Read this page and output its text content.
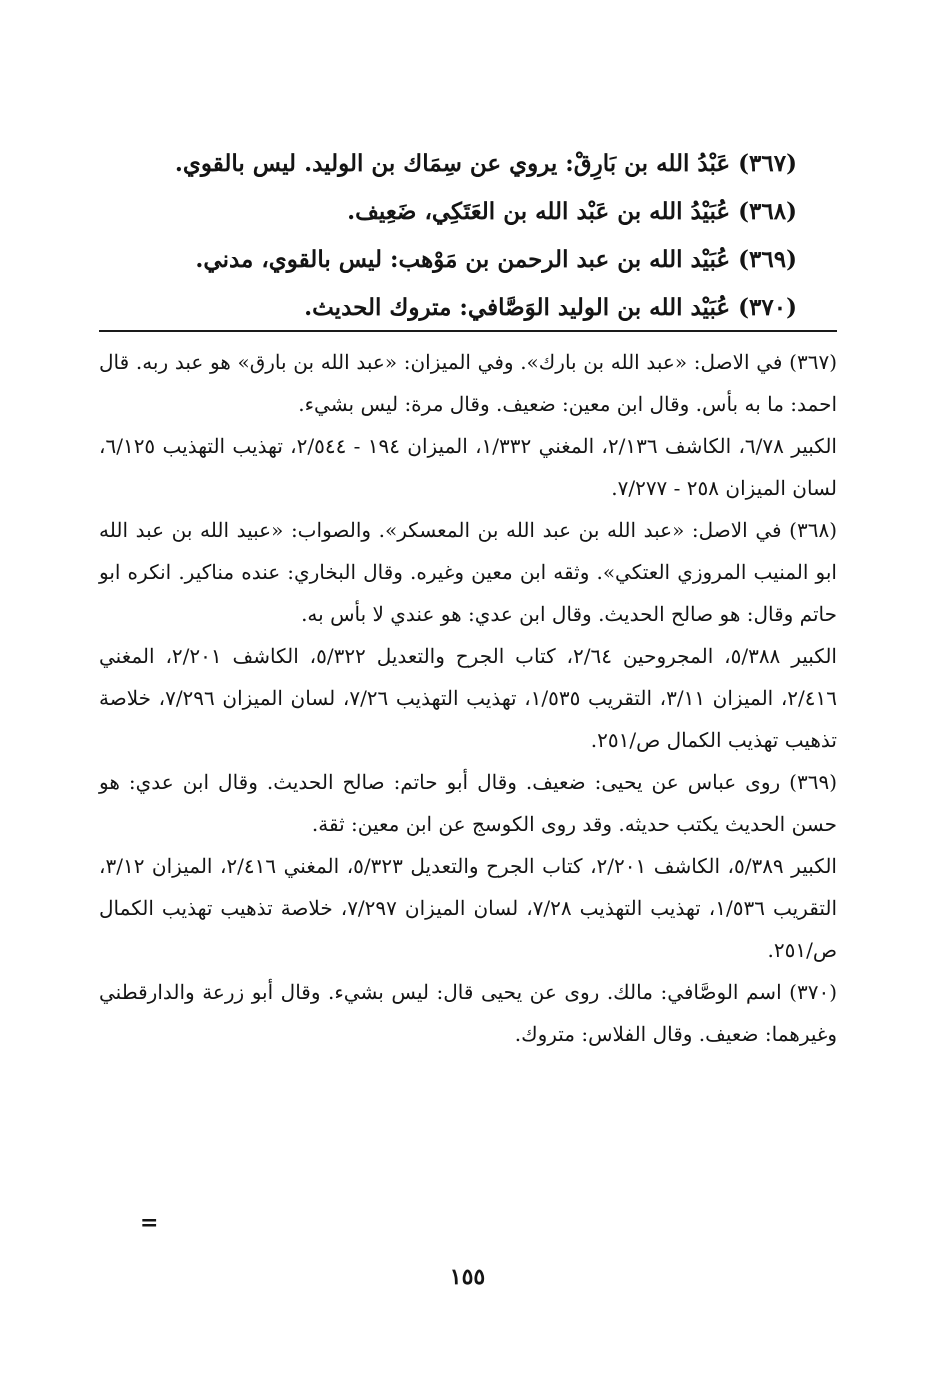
(٣٦٧) عَبْدُ الله بن بَارِقْ: يروي عن سِمَاك بن الوليد. ليس بالقوي.
(٣٦٨) عُبَيْدُ الله بن عَبْد الله بن العَتَكِي، ضَعِيف.
(٣٦٩) عُبَيْد الله بن عبد الرحمن بن مَوْهب: ليس بالقوي، مدني.
(٣٧٠) عُبَيْد الله بن الوليد الوَصَّافي: متروك الحديث.
(٣٦٧) في الاصل: «عبد الله بن بارك». وفي الميزان: «عبد الله بن بارق» هو عبد ربه. قال احمد: ما به بأس. وقال ابن معين: ضعيف. وقال مرة: ليس بشيء.
الكبير ٦/٧٨، الكاشف ٢/١٣٦، المغني ١/٣٣٢، الميزان ١٩٤ - ٢/٥٤٤، تهذيب التهذيب ٦/١٢٥، لسان الميزان ٢٥٨ - ٧/٢٧٧.
(٣٦٨) في الاصل: «عبد الله بن عبد الله بن المعسكر». والصواب: «عبيد الله بن عبد الله ابو المنيب المروزي العتكي». وثقه ابن معين وغيره. وقال البخاري: عنده مناكير. انكره ابو حاتم وقال: هو صالح الحديث. وقال ابن عدي: هو عندي لا بأس به.
الكبير ٥/٣٨٨، المجروحين ٢/٦٤، كتاب الجرح والتعديل ٥/٣٢٢، الكاشف ٢/٢٠١، المغني ٢/٤١٦، الميزان ٣/١١، التقريب ١/٥٣٥، تهذيب التهذيب ٧/٢٦، لسان الميزان ٧/٢٩٦، خلاصة تذهيب تهذيب الكمال ص/٢٥١.
(٣٦٩) روى عباس عن يحيى: ضعيف. وقال أبو حاتم: صالح الحديث. وقال ابن عدي: هو حسن الحديث يكتب حديثه. وقد روى الكوسج عن ابن معين: ثقة.
الكبير ٥/٣٨٩، الكاشف ٢/٢٠١، كتاب الجرح والتعديل ٥/٣٢٣، المغني ٢/٤١٦، الميزان ٣/١٢، التقريب ١/٥٣٦، تهذيب التهذيب ٧/٢٨، لسان الميزان ٧/٢٩٧، خلاصة تذهيب تهذيب الكمال ص/٢٥١.
(٣٧٠) اسم الوصَّافي: مالك. روى عن يحيى قال: ليس بشيء. وقال أبو زرعة والدارقطني وغيرهما: ضعيف. وقال الفلاس: متروك.
=
١٥٥
